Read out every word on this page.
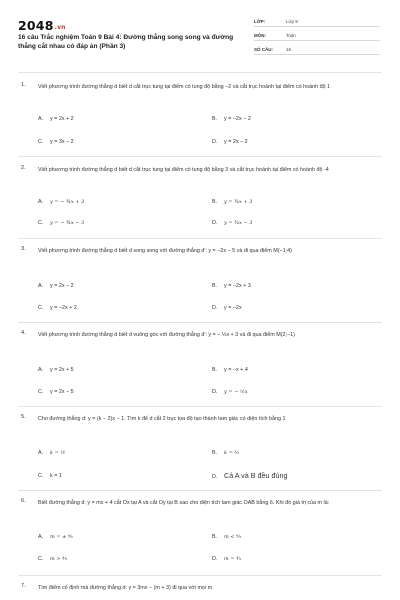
2048.vn
16 câu Trắc nghiệm Toán 9 Bài 4: Đường thẳng song song và đường thẳng cắt nhau có đáp án (Phần 3)
LỚP:	Lớp 9
MÔN:	Toán
SỐ CÂU:	16
1. Viết phương trình đường thẳng d biết d cắt trục tung tại điểm có tung độ bằng −2 và cắt trục hoành tại điểm có hoành độ 1
A. y = 2x + 2	B. y = −2x − 2
C. y = 3x − 2	D. y = 2x − 2
2. Viết phương trình đường thẳng d biết d cắt trục tung tại điểm có tung độ bằng 3 và cắt trục hoành tại điểm có hoành độ -4
A. y = − ¾x + 3	B. y = ¾x + 3
C. y = − ¾x − 3	D. y = ¾x − 3
3. Viết phương trình đường thẳng d biết d song song với đường thẳng d': y = −2x − 5 và đi qua điểm M(−1;4)
A. y = 2x − 2	B. y = −2x + 3
C. y = −2x + 2	D. y = −2x
4. Viết phương trình đường thẳng d biết d vuông góc với đường thẳng d': y = − ½x + 3 và đi qua điểm M(2;−1)
A. y = 2x + 5	B. y = −x + 4
C. y = 2x − 5	D. y = − ½x
5. Cho đường thẳng d: y = (k − 2)x − 1. Tìm k để d cắt 2 trục tọa độ tạo thành tam giác có diện tích bằng 1
A. k = ½	B. k = ³⁄₂
C. k = 1	D. Cả A và B đều đúng
6. Biết đường thẳng d: y = mx + 4 cắt Ox tại A và cắt Oy tại B sao cho diện tích tam giác OAB bằng 6. Khi đó giá trị của m là:
A. m = ± ⁴⁄₃	B. m < ⁴⁄₃
C. m > ⁴⁄₃	D. m = ⁴⁄₃
7. Tìm điểm cố định mà đường thẳng d: y = 3mx − (m + 3) đi qua với mọi m.
